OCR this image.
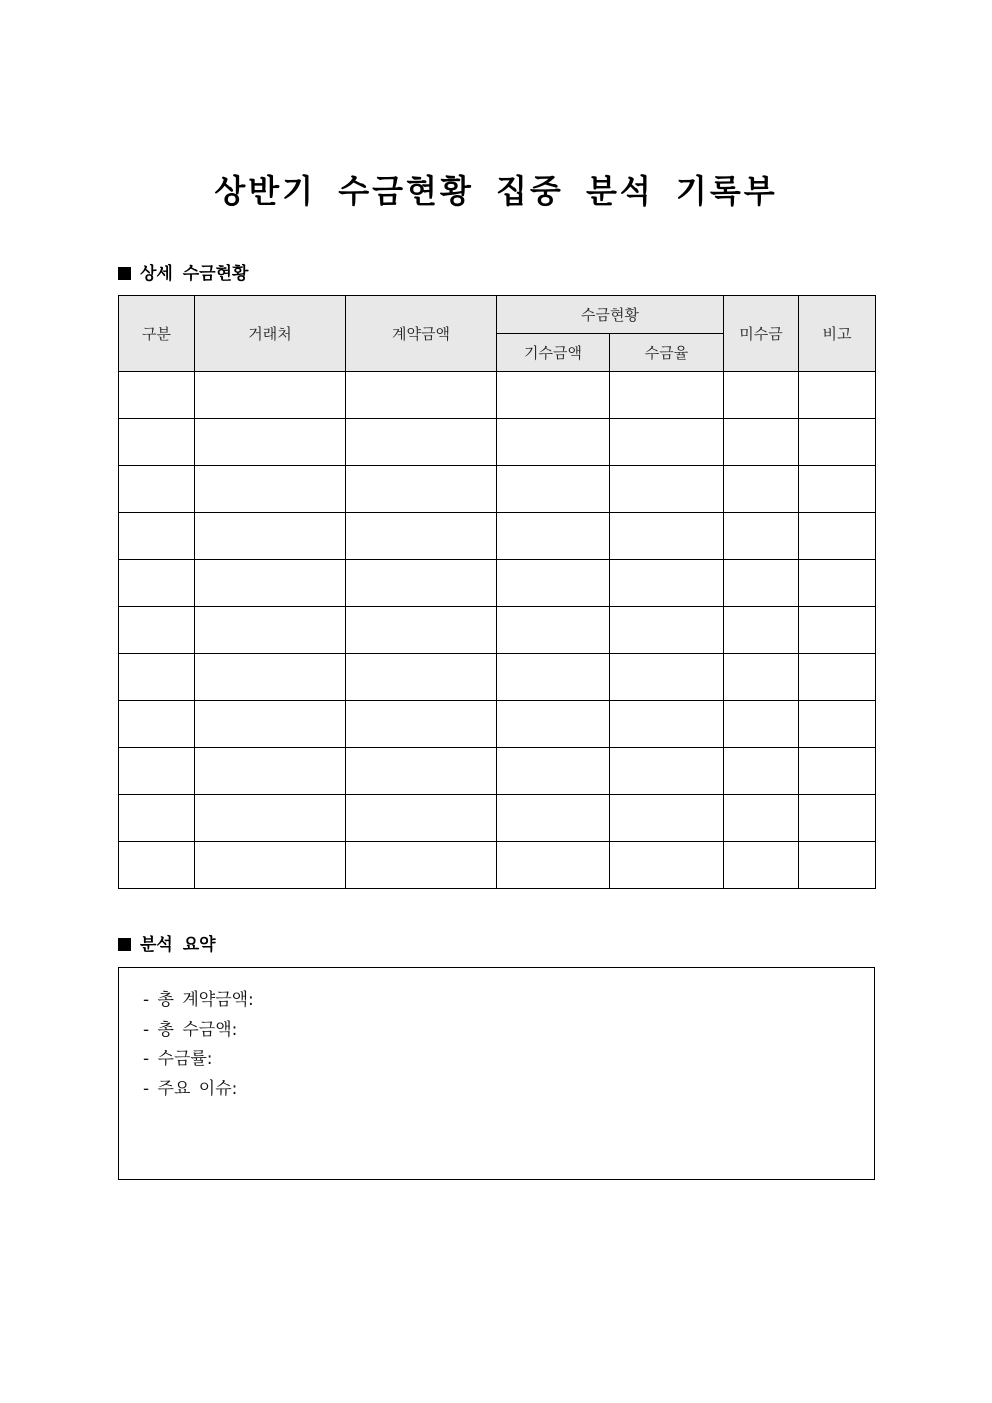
상반기 수금현황 집중 분석 기록부
상세 수금현황
구분	거래처	계약금액	수금현황		미수금	비고
			기수금액	수금율		

분석 요약
- 총 계약금액:
- 총 수금액:
- 수금률:
- 주요 이슈:
